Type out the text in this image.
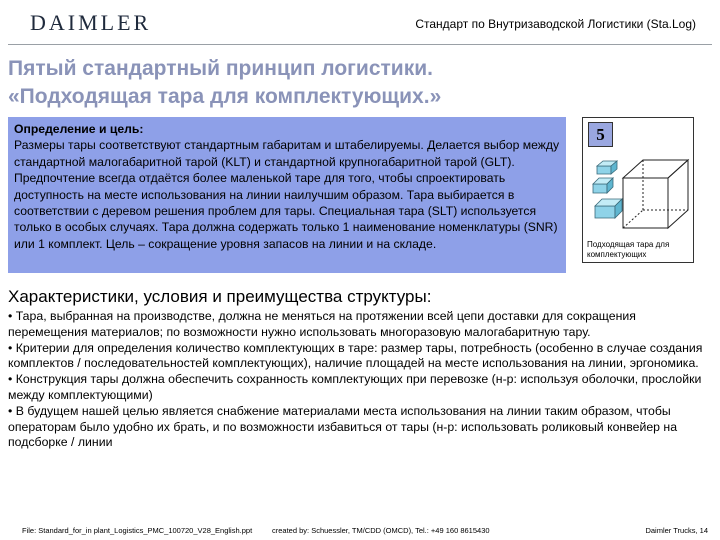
DAIMLER	Стандарт по Внутризаводской Логистики (Sta.Log)
Пятый стандартный принцип логистики.
«Подходящая тара для комплектующих.»
Определение и цель:

Размеры тары соответствуют стандартным габаритам и штабелируемы. Делается выбор между стандартной малогабаритной тарой (KLT) и стандартной крупногабаритной тарой (GLT). Предпочтение всегда отдаётся более маленькой таре для того, чтобы спроектировать доступность на месте использования на линии наилучшим образом. Тара выбирается в соответствии с деревом решения проблем для тары. Специальная тара (SLT) используется только в особых случаях. Тара должна содержать только 1 наименование номенклатуры (SNR) или 1 комплект. Цель – сокращение уровня запасов на линии и на складе.

5
Подходящая тара для комплектующих
Характеристики, условия и преимущества структуры:

• Тара, выбранная на производстве, должна не меняться на протяжении всей цепи доставки для сокращения перемещения материалов; по возможности нужно использовать многоразовую малогабаритную тару.

• Критерии для определения количество комплектующих в таре: размер тары, потребность (особенно в случае создания комплектов / последовательностей комплектующих), наличие площадей на месте использования на линии, эргономика.

• Конструкция тары должна обеспечить сохранность комплектующих при перевозке (н-р: используя оболочки, прослойки между комплектующими)

• В будущем нашей целью является снабжение материалами места использования на линии таким образом, чтобы операторам было удобно их брать, и по возможности избавиться от тары (н-р: использовать роликовый конвейер на подсборке / линии

File: Standard_for_in plant_Logistics_PMC_100720_V28_English.ppt	created by: Schuessler, TM/CDD (OMCD), Tel.: +49 160 8615430	Daimler Trucks, 14
